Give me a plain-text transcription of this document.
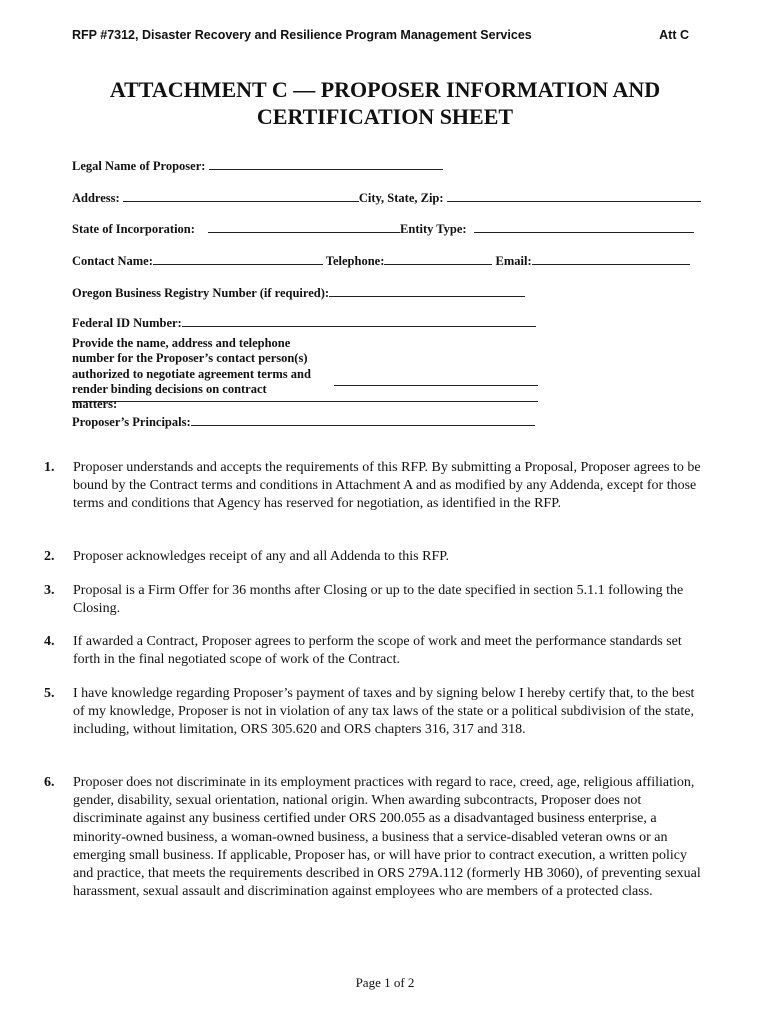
RFP #7312, Disaster Recovery and Resilience Program Management Services	Att C
ATTACHMENT C — PROPOSER INFORMATION AND
CERTIFICATION SHEET
Legal Name of Proposer:
Address:	City, State, Zip:
State of Incorporation:	Entity Type:
Contact Name:	Telephone:	Email:
Oregon Business Registry Number (if required):
Federal ID Number:
Provide the name, address and telephone number for the Proposer’s contact person(s) authorized to negotiate agreement terms and render binding decisions on contract matters:
Proposer’s Principals:
1.	Proposer understands and accepts the requirements of this RFP. By submitting a Proposal, Proposer agrees to be bound by the Contract terms and conditions in Attachment A and as modified by any Addenda, except for those terms and conditions that Agency has reserved for negotiation, as identified in the RFP.
2.	Proposer acknowledges receipt of any and all Addenda to this RFP.
3.	Proposal is a Firm Offer for 36 months after Closing or up to the date specified in section 5.1.1 following the Closing.
4.	If awarded a Contract, Proposer agrees to perform the scope of work and meet the performance standards set forth in the final negotiated scope of work of the Contract.
5.	I have knowledge regarding Proposer’s payment of taxes and by signing below I hereby certify that, to the best of my knowledge, Proposer is not in violation of any tax laws of the state or a political subdivision of the state, including, without limitation, ORS 305.620 and ORS chapters 316, 317 and 318.
6.	Proposer does not discriminate in its employment practices with regard to race, creed, age, religious affiliation, gender, disability, sexual orientation, national origin. When awarding subcontracts, Proposer does not discriminate against any business certified under ORS 200.055 as a disadvantaged business enterprise, a minority-owned business, a woman-owned business, a business that a service-disabled veteran owns or an emerging small business. If applicable, Proposer has, or will have prior to contract execution, a written policy and practice, that meets the requirements described in ORS 279A.112 (formerly HB 3060), of preventing sexual harassment, sexual assault and discrimination against employees who are members of a protected class.
Page 1 of 2
